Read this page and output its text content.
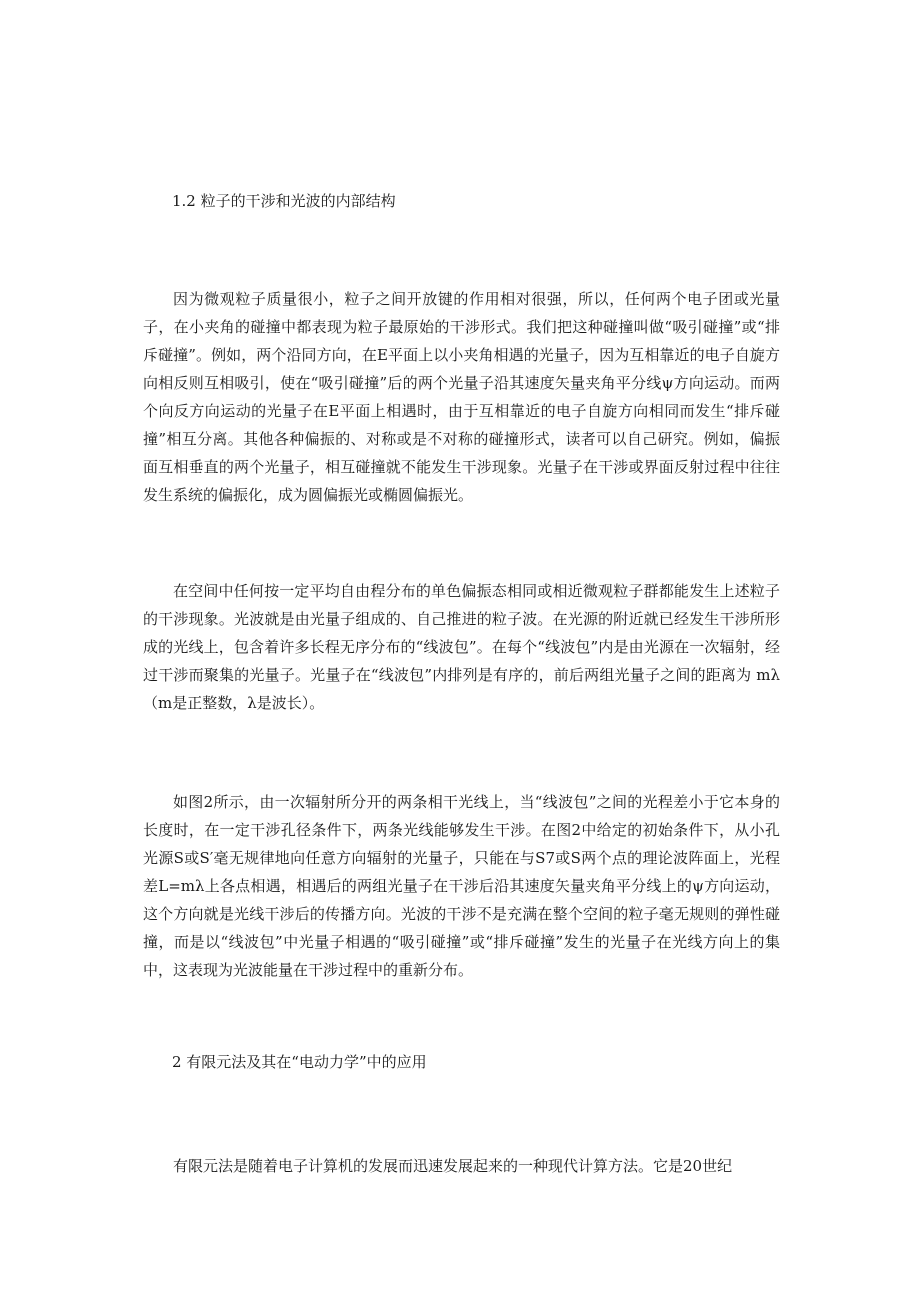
1.2 粒子的干涉和光波的内部结构

因为微观粒子质量很小，粒子之间开放键的作用相对很强，所以，任何两个电子团或光量子，在小夹角的碰撞中都表现为粒子最原始的干涉形式。我们把这种碰撞叫做“吸引碰撞”或“排斥碰撞”。例如，两个沿同方向，在E平面上以小夹角相遇的光量子，因为互相靠近的电子自旋方向相反则互相吸引，使在“吸引碰撞”后的两个光量子沿其速度矢量夹角平分线ψ方向运动。而两个向反方向运动的光量子在E平面上相遇时，由于互相靠近的电子自旋方向相同而发生“排斥碰撞”相互分离。其他各种偏振的、对称或是不对称的碰撞形式，读者可以自己研究。例如，偏振面互相垂直的两个光量子，相互碰撞就不能发生干涉现象。光量子在干涉或界面反射过程中往往发生系统的偏振化，成为圆偏振光或椭圆偏振光。

在空间中任何按一定平均自由程分布的单色偏振态相同或相近微观粒子群都能发生上述粒子的干涉现象。光波就是由光量子组成的、自己推进的粒子波。在光源的附近就已经发生干涉所形成的光线上，包含着许多长程无序分布的“线波包”。在每个“线波包”内是由光源在一次辐射，经过干涉而聚集的光量子。光量子在“线波包”内排列是有序的，前后两组光量子之间的距离为 mλ（m是正整数，λ是波长）。

如图2所示，由一次辐射所分开的两条相干光线上，当“线波包”之间的光程差小于它本身的长度时，在一定干涉孔径条件下，两条光线能够发生干涉。在图2中给定的初始条件下，从小孔光源S或S′毫无规律地向任意方向辐射的光量子，只能在与S7或S两个点的理论波阵面上，光程差L=mλ上各点相遇，相遇后的两组光量子在干涉后沿其速度矢量夹角平分线上的ψ方向运动，这个方向就是光线干涉后的传播方向。光波的干涉不是充满在整个空间的粒子毫无规则的弹性碰撞，而是以“线波包”中光量子相遇的“吸引碰撞”或“排斥碰撞”发生的光量子在光线方向上的集中，这表现为光波能量在干涉过程中的重新分布。

2 有限元法及其在“电动力学”中的应用

有限元法是随着电子计算机的发展而迅速发展起来的一种现代计算方法。它是20世纪
